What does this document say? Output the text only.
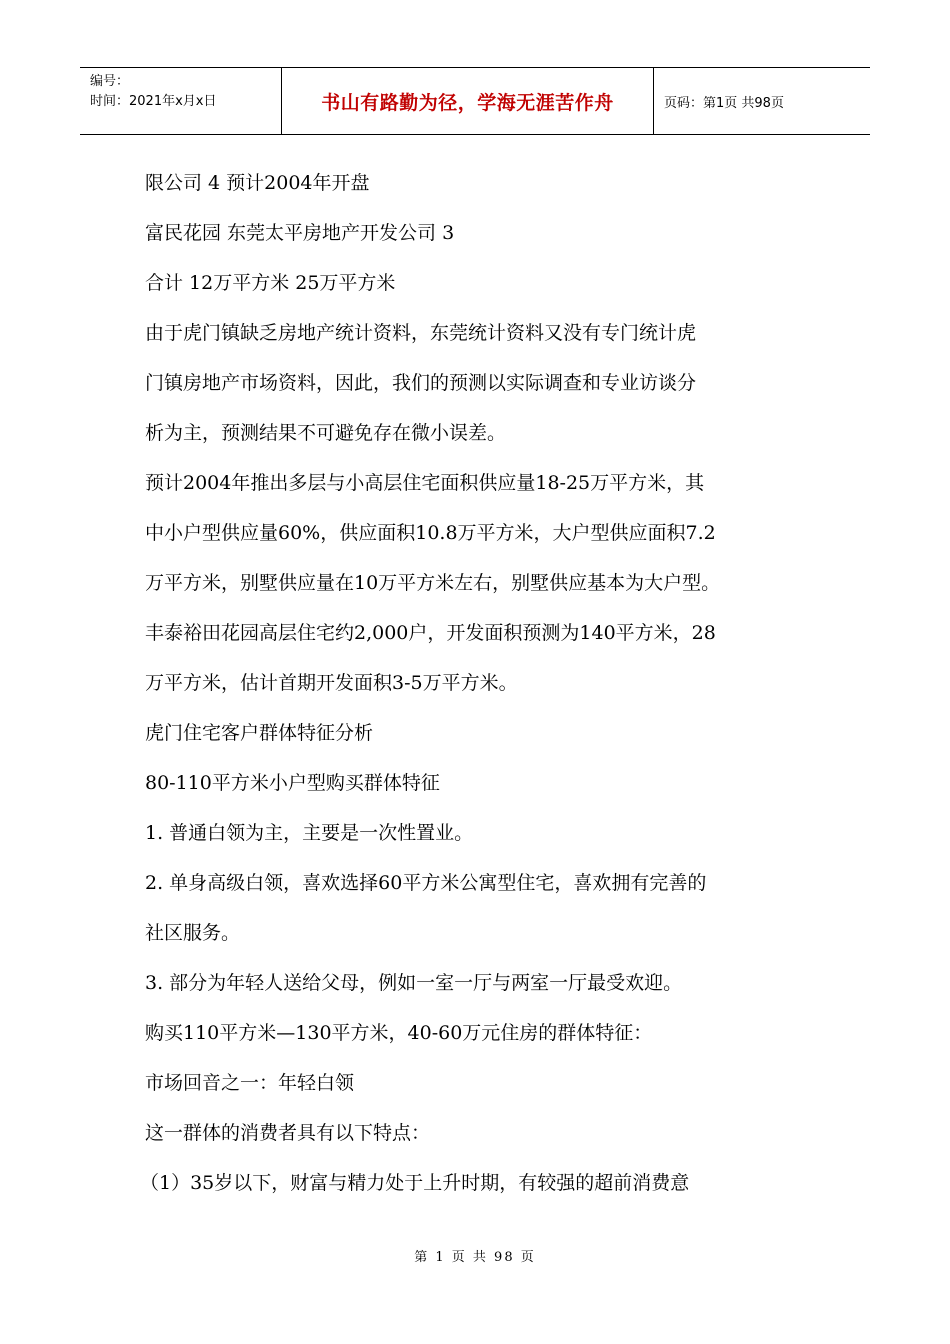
编号：
时间：2021年x月x日	书山有路勤为径，学海无涯苦作舟	页码：第1页 共98页
限公司 4 预计2004年开盘
富民花园 东莞太平房地产开发公司 3
合计 12万平方米 25万平方米
由于虎门镇缺乏房地产统计资料，东莞统计资料又没有专门统计虎
门镇房地产市场资料，因此，我们的预测以实际调查和专业访谈分
析为主，预测结果不可避免存在微小误差。
预计2004年推出多层与小高层住宅面积供应量18-25万平方米，其
中小户型供应量60%，供应面积10.8万平方米，大户型供应面积7.2
万平方米，别墅供应量在10万平方米左右，别墅供应基本为大户型。
丰泰裕田花园高层住宅约2,000户，开发面积预测为140平方米，28
万平方米，估计首期开发面积3-5万平方米。
虎门住宅客户群体特征分析
80-110平方米小户型购买群体特征
1. 普通白领为主，主要是一次性置业。
2. 单身高级白领，喜欢选择60平方米公寓型住宅，喜欢拥有完善的
社区服务。
3. 部分为年轻人送给父母，例如一室一厅与两室一厅最受欢迎。
购买110平方米—130平方米，40-60万元住房的群体特征：
市场回音之一：年轻白领
这一群体的消费者具有以下特点：
（1）35岁以下，财富与精力处于上升时期，有较强的超前消费意
第 1 页 共 98 页
